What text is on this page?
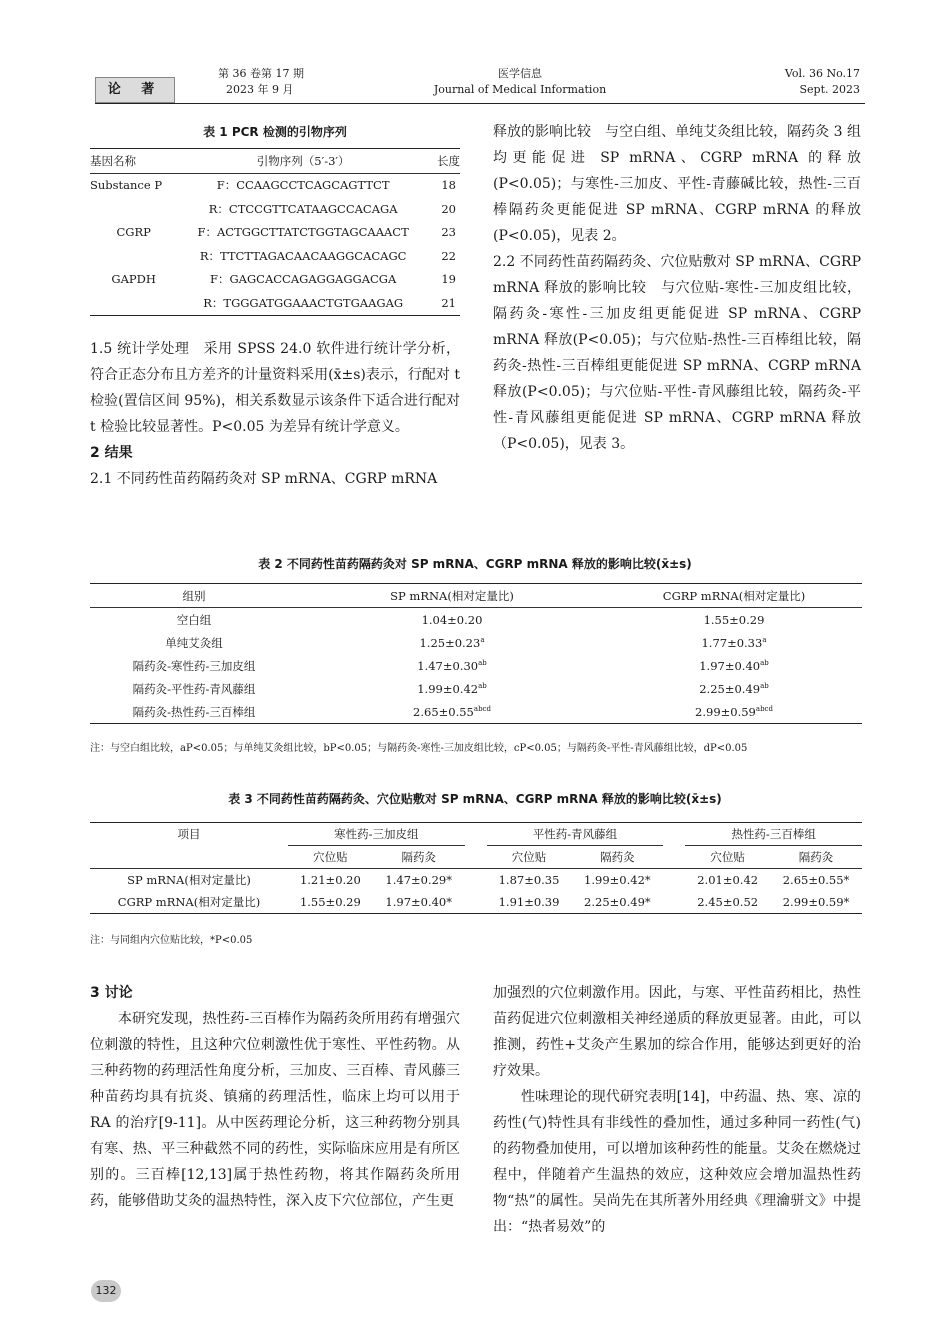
论 著
第 36 卷第 17 期
2023 年 9 月
医学信息
Journal of Medical Information
Vol. 36 No.17
Sept. 2023
表 1 PCR 检测的引物序列
基因名称	引物序列（5′-3′）	长度
Substance P	F：CCAAGCCTCAGCAGTTCT	18
	R：CTCCGTTCATAAGCCACAGA	20
CGRP	F：ACTGGCTTATCTGGTAGCAAACT	23
	R：TTCTTAGACAACAAGGCACAGC	22
GAPDH	F：GAGCACCAGAGGAGGACGA	19
	R：TGGGATGGAAACTGTGAAGAG	21

1.5 统计学处理　采用 SPSS 24.0 软件进行统计学分析，符合正态分布且方差齐的计量资料采用(x̄±s)表示，行配对 t 检验(置信区间 95%)，相关系数显示该条件下适合进行配对 t 检验比较显著性。P<0.05 为差异有统计学意义。

2 结果

2.1 不同药性苗药隔药灸对 SP mRNA、CGRP mRNA

释放的影响比较　与空白组、单纯艾灸组比较，隔药灸 3 组均更能促进 SP mRNA、CGRP mRNA 的释放(P<0.05)；与寒性-三加皮、平性-青藤碱比较，热性-三百棒隔药灸更能促进 SP mRNA、CGRP mRNA 的释放(P<0.05)，见表 2。

2.2 不同药性苗药隔药灸、穴位贴敷对 SP mRNA、CGRP mRNA 释放的影响比较　与穴位贴-寒性-三加皮组比较，隔药灸-寒性-三加皮组更能促进 SP mRNA、CGRP mRNA 释放(P<0.05)；与穴位贴-热性-三百棒组比较，隔药灸-热性-三百棒组更能促进 SP mRNA、CGRP mRNA 释放(P<0.05)；与穴位贴-平性-青风藤组比较，隔药灸-平性-青风藤组更能促进 SP mRNA、CGRP mRNA 释放（P<0.05)，见表 3。

表 2 不同药性苗药隔药灸对 SP mRNA、CGRP mRNA 释放的影响比较(x̄±s)
组别	SP mRNA(相对定量比)	CGRP mRNA(相对定量比)
空白组	1.04±0.20	1.55±0.29
单纯艾灸组	1.25±0.23$^a$	1.77±0.33$^a$
隔药灸-寒性药-三加皮组	1.47±0.30$^{ab}$	1.97±0.40$^{ab}$
隔药灸-平性药-青风藤组	1.99±0.42$^{ab}$	2.25±0.49$^{ab}$
隔药灸-热性药-三百棒组	$2.65\pm 0.55^{abcd}$	$2.99\pm 0.59^{abcd}$
注：与空白组比较，aP<0.05；与单纯艾灸组比较，bP<0.05；与隔药灸-寒性-三加皮组比较，cP<0.05；与隔药灸-平性-青风藤组比较，dP<0.05
表 3 不同药性苗药隔药灸、穴位贴敷对 SP mRNA、CGRP mRNA 释放的影响比较(x̄±s)
项目	寒性药-三加皮组			平性药-青风藤组			热性药-三百棒组	
	穴位贴	隔药灸		穴位贴	隔药灸		穴位贴	隔药灸
SP mRNA(相对定量比)	1.21±0.20	1.47±0.29*		1.87±0.35	1.99±0.42*		2.01±0.42	2.65±0.55*
CGRP mRNA(相对定量比)	1.55±0.29	1.97±0.40*		1.91±0.39	2.25±0.49*		2.45±0.52	2.99±0.59*
注：与同组内穴位贴比较，*P<0.05

3 讨论

本研究发现，热性药-三百棒作为隔药灸所用药有增强穴位刺激的特性，且这种穴位刺激性优于寒性、平性药物。从三种药物的药理活性角度分析，三加皮、三百棒、青风藤三种苗药均具有抗炎、镇痛的药理活性，临床上均可以用于 RA 的治疗[9-11]。从中医药理论分析，这三种药物分别具有寒、热、平三种截然不同的药性，实际临床应用是有所区别的。三百棒[12,13]属于热性药物，将其作隔药灸所用药，能够借助艾灸的温热特性，深入皮下穴位部位，产生更

加强烈的穴位刺激作用。因此，与寒、平性苗药相比，热性苗药促进穴位刺激相关神经递质的释放更显著。由此，可以推测，药性+艾灸产生累加的综合作用，能够达到更好的治疗效果。

性味理论的现代研究表明[14]，中药温、热、寒、凉的药性(气)特性具有非线性的叠加性，通过多种同一药性(气)的药物叠加使用，可以增加该种药性的能量。艾灸在燃烧过程中，伴随着产生温热的效应，这种效应会增加温热性药物“热”的属性。吴尚先在其所著外用经典《理瀹骈文》中提出：“热者易效”的

132
